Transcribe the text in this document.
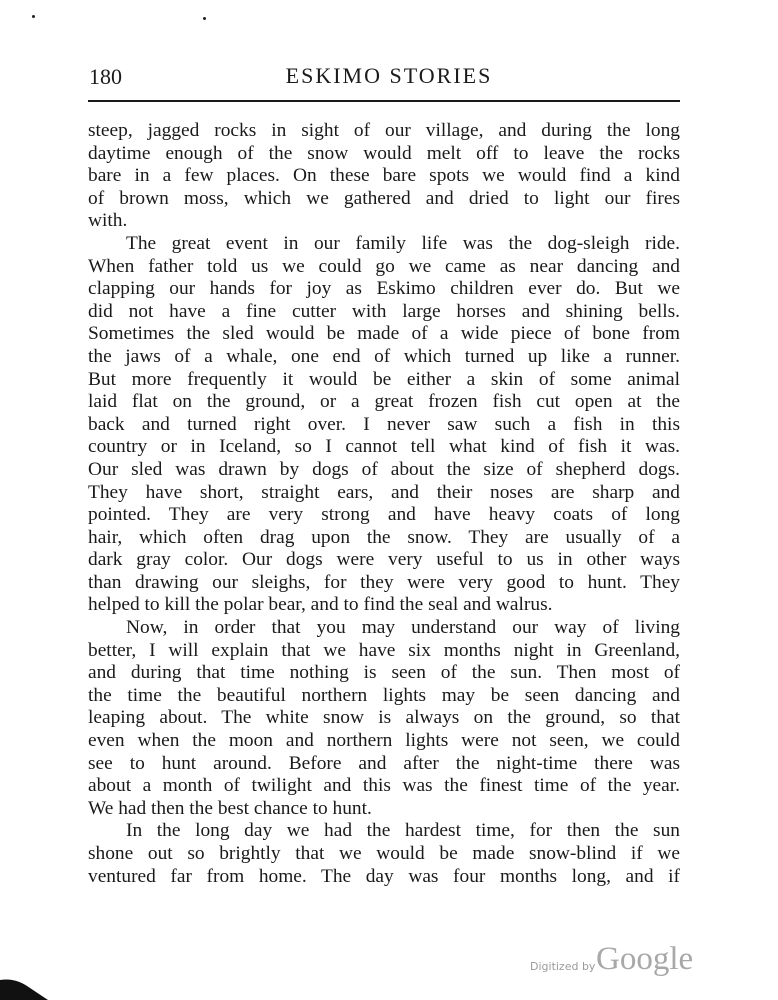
180	ESKIMO STORIES
steep, jagged rocks in sight of our village, and during the long
daytime enough of the snow would melt off to leave the rocks
bare in a few places. On these bare spots we would find a kind
of brown moss, which we gathered and dried to light our fires
with.
The great event in our family life was the dog-sleigh ride.
When father told us we could go we came as near dancing and
clapping our hands for joy as Eskimo children ever do. But we
did not have a fine cutter with large horses and shining bells.
Sometimes the sled would be made of a wide piece of bone from
the jaws of a whale, one end of which turned up like a runner.
But more frequently it would be either a skin of some animal
laid flat on the ground, or a great frozen fish cut open at the
back and turned right over. I never saw such a fish in this
country or in Iceland, so I cannot tell what kind of fish it was.
Our sled was drawn by dogs of about the size of shepherd dogs.
They have short, straight ears, and their noses are sharp and
pointed. They are very strong and have heavy coats of long
hair, which often drag upon the snow. They are usually of a
dark gray color. Our dogs were very useful to us in other ways
than drawing our sleighs, for they were very good to hunt. They
helped to kill the polar bear, and to find the seal and walrus.
Now, in order that you may understand our way of living
better, I will explain that we have six months night in Greenland,
and during that time nothing is seen of the sun. Then most of
the time the beautiful northern lights may be seen dancing and
leaping about. The white snow is always on the ground, so that
even when the moon and northern lights were not seen, we could
see to hunt around. Before and after the night-time there was
about a month of twilight and this was the finest time of the year.
We had then the best chance to hunt.
In the long day we had the hardest time, for then the sun
shone out so brightly that we would be made snow-blind if we
ventured far from home. The day was four months long, and if
Digitized by Google
